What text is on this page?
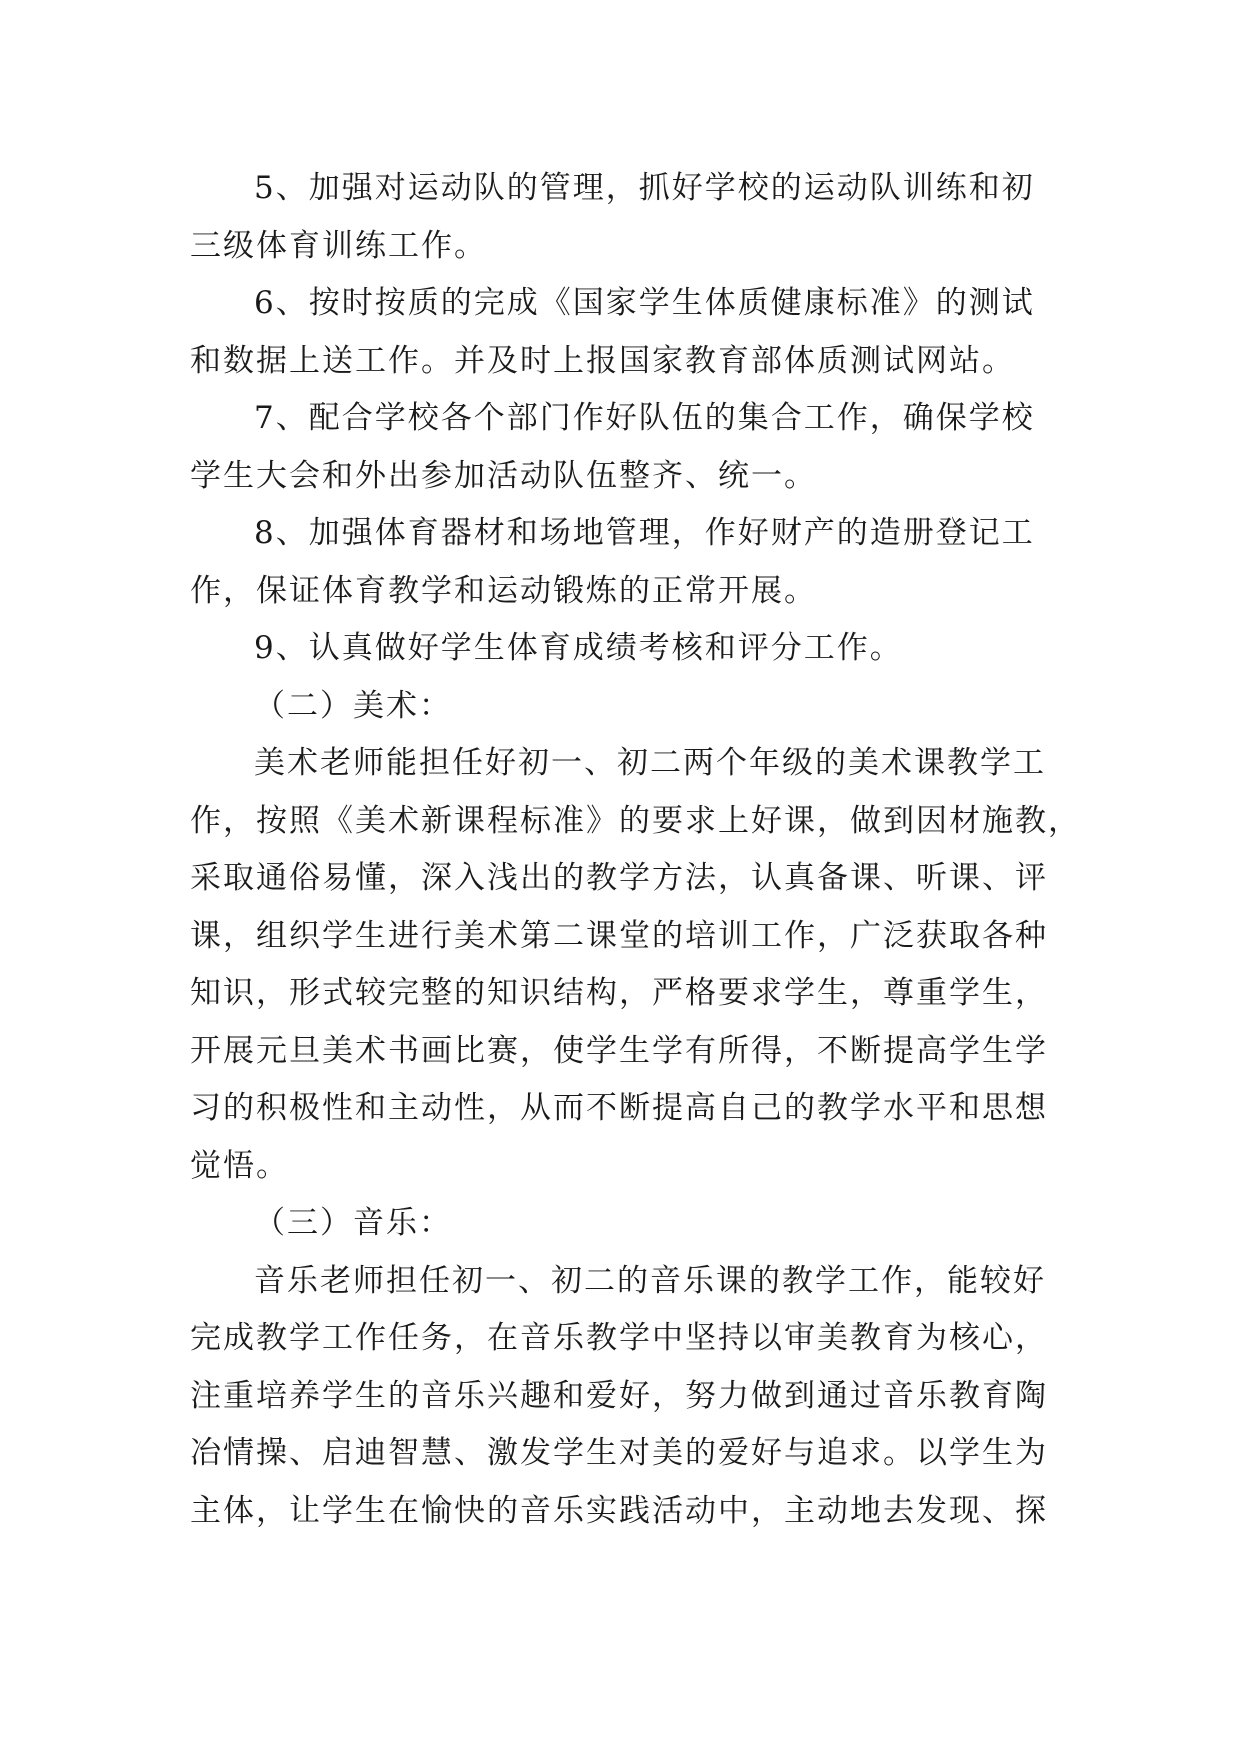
5、加强对运动队的管理，抓好学校的运动队训练和初
三级体育训练工作。
6、按时按质的完成《国家学生体质健康标准》的测试
和数据上送工作。并及时上报国家教育部体质测试网站。
7、配合学校各个部门作好队伍的集合工作，确保学校
学生大会和外出参加活动队伍整齐、统一。
8、加强体育器材和场地管理，作好财产的造册登记工
作，保证体育教学和运动锻炼的正常开展。
9、认真做好学生体育成绩考核和评分工作。
（二）美术：
美术老师能担任好初一、初二两个年级的美术课教学工
作，按照《美术新课程标准》的要求上好课，做到因材施教，
采取通俗易懂，深入浅出的教学方法，认真备课、听课、评
课，组织学生进行美术第二课堂的培训工作，广泛获取各种
知识，形式较完整的知识结构，严格要求学生，尊重学生，
开展元旦美术书画比赛，使学生学有所得，不断提高学生学
习的积极性和主动性，从而不断提高自己的教学水平和思想
觉悟。
（三）音乐：
音乐老师担任初一、初二的音乐课的教学工作，能较好
完成教学工作任务，在音乐教学中坚持以审美教育为核心，
注重培养学生的音乐兴趣和爱好，努力做到通过音乐教育陶
冶情操、启迪智慧、激发学生对美的爱好与追求。以学生为
主体，让学生在愉快的音乐实践活动中，主动地去发现、探
